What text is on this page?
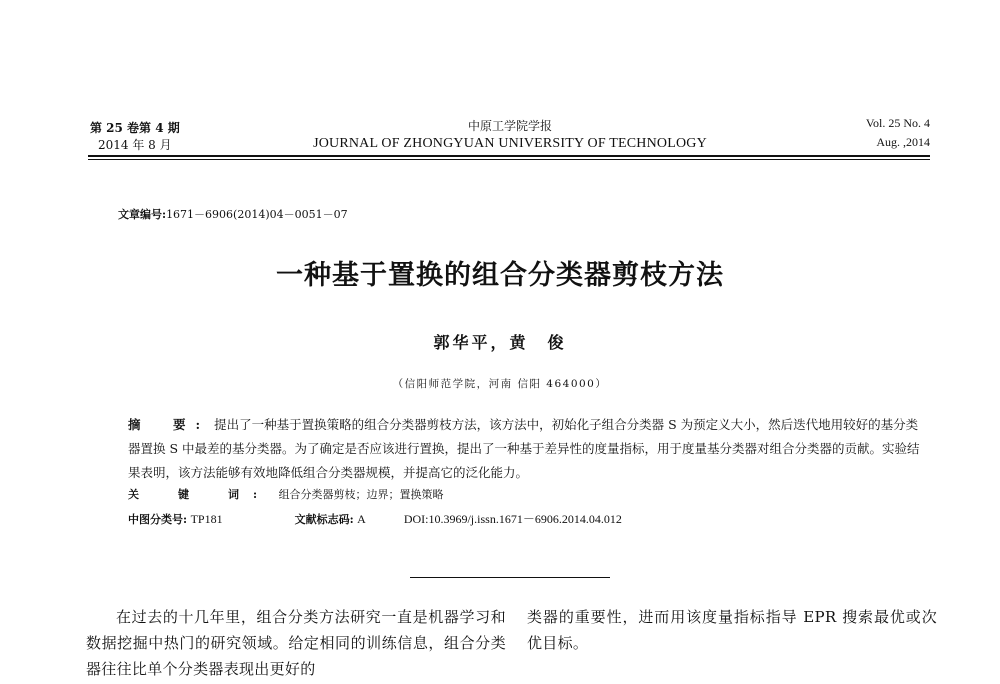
第 25 卷第 4 期
2014 年 8 月
中原工学院学报
JOURNAL OF ZHONGYUAN UNIVERSITY OF TECHNOLOGY
Vol. 25 No. 4
Aug. ,2014
文章编号:1671－6906(2014)04－0051－07
一种基于置换的组合分类器剪枝方法
郭华平，黄　俊
（信阳师范学院，河南 信阳 464000）
摘　要: 提出了一种基于置换策略的组合分类器剪枝方法，该方法中，初始化子组合分类器 S 为预定义大小，然后迭代地用较好的基分类器置换 S 中最差的基分类器。为了确定是否应该进行置换，提出了一种基于差异性的度量指标，用于度量基分类器对组合分类器的贡献。实验结果表明，该方法能够有效地降低组合分类器规模，并提高它的泛化能力。
关　键　词: 组合分类器剪枝；边界；置换策略
中图分类号: TP181	文献标志码: A	DOI:10.3969/j.issn.1671－6906.2014.04.012
在过去的十几年里，组合分类方法研究一直是机器学习和数据挖掘中热门的研究领域。给定相同的训练信息，组合分类器往往比单个分类器表现出更好的
类器的重要性，进而用该度量指标指导 EPR 搜索最优或次优目标。
